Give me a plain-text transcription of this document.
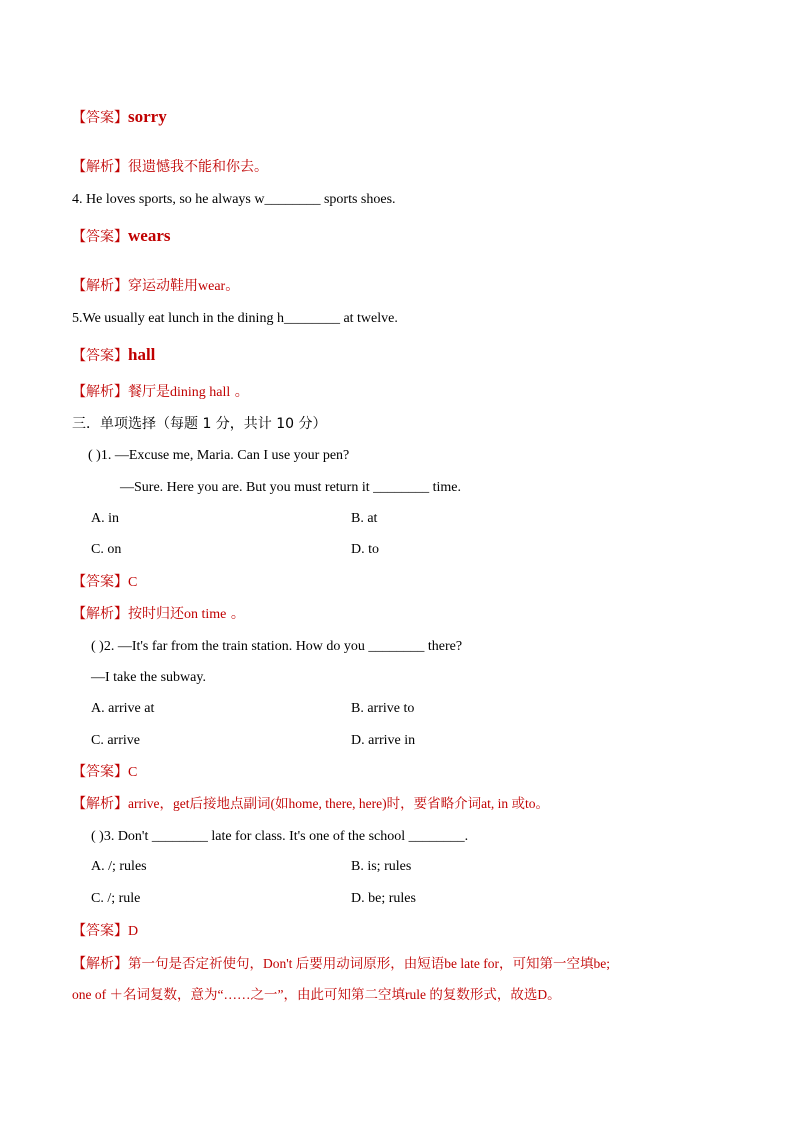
【答案】sorry
【解析】很遗憾我不能和你去。
4. He loves sports, so he always w________ sports shoes.
【答案】wears
【解析】穿运动鞋用wear。
5.We usually eat lunch in the dining h________ at twelve.
【答案】hall
【解析】餐厅是dining hall 。
三．单项选择（每题 1 分，共计 10 分）
( )1. —Excuse me, Maria. Can I use your pen?
—Sure. Here you are. But you must return it ________ time.
A. in	B. at
C. on	D. to
【答案】C
【解析】按时归还on time 。
( )2. —It's far from the train station. How do you ________ there?
—I take the subway.
A. arrive at	B. arrive to
C. arrive	D. arrive in
【答案】C
【解析】arrive，get后接地点副词(如home, there, here)时，要省略介词at, in 或to。
( )3. Don't ________ late for class. It's one of the school ________.
A. /; rules	B. is; rules
C. /; rule	D. be; rules
【答案】D
【解析】第一句是否定祈使句，Don't 后要用动词原形，由短语be late for，可知第一空填be;
one of ＋名词复数，意为“……之一”，由此可知第二空填rule 的复数形式，故选D。
